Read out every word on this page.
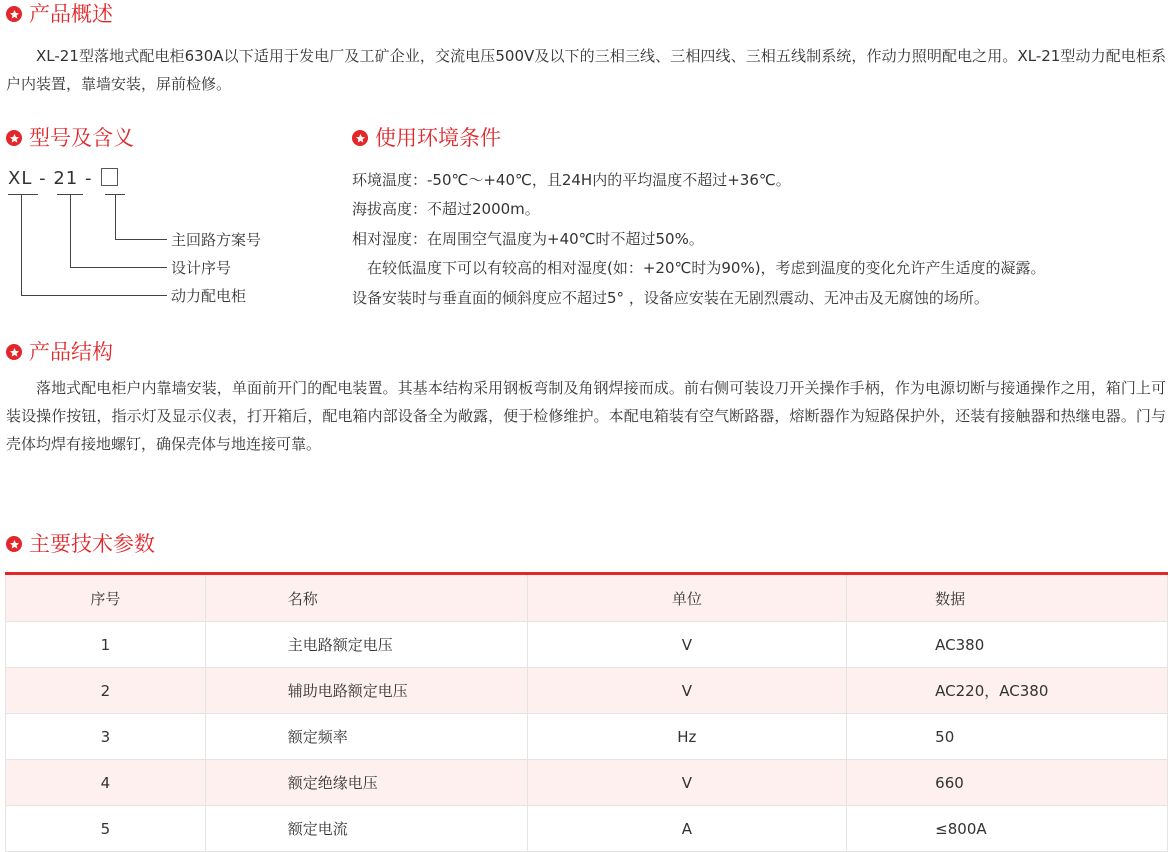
产品概述

XL-21型落地式配电柜630A以下适用于发电厂及工矿企业，交流电压500V及以下的三相三线、三相四线、三相五线制系统，作动力照明配电之用。XL-21型动力配电柜系户内装置，靠墙安装，屏前检修。

型号及含义
XL - 21 -
主回路方案号
设计序号
动力配电柜
使用环境条件

环境温度：-50℃～+40℃，且24H内的平均温度不超过+36℃。

海拔高度：不超过2000m。

相对湿度：在周围空气温度为+40℃时不超过50%。

　在较低温度下可以有较高的相对湿度(如：+20℃时为90%)，考虑到温度的变化允许产生适度的凝露。

设备安装时与垂直面的倾斜度应不超过5° ，设备应安装在无剧烈震动、无冲击及无腐蚀的场所。

产品结构

落地式配电柜户内靠墙安装，单面前开门的配电装置。其基本结构采用钢板弯制及角钢焊接而成。前右侧可装设刀开关操作手柄，作为电源切断与接通操作之用，箱门上可装设操作按钮，指示灯及显示仪表，打开箱后，配电箱内部设备全为敞露，便于检修维护。本配电箱装有空气断路器，熔断器作为短路保护外，还装有接触器和热继电器。门与壳体均焊有接地螺钉，确保壳体与地连接可靠。

主要技术参数
序号	名称	单位	数据
1	主电路额定电压	V	AC380
2	辅助电路额定电压	V	AC220，AC380
3	额定频率	Hz	50
4	额定绝缘电压	V	660
5	额定电流	A	≤800A
